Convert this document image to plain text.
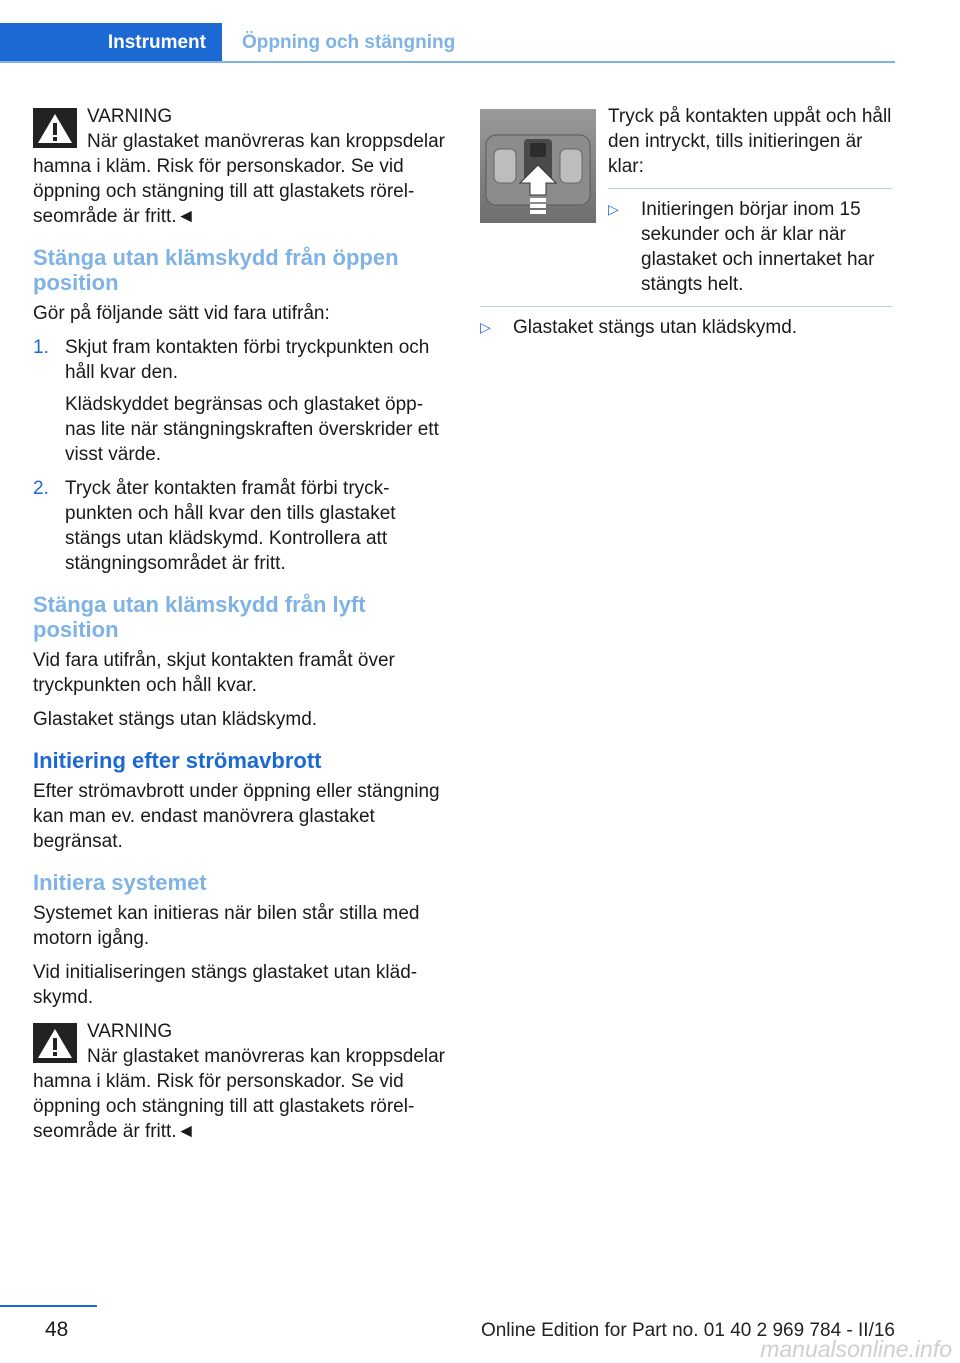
Instrument Öppning och stängning
VARNING
När glastaket manövreras kan kroppsdelar hamna i kläm. Risk för personskador. Se vid öppning och stängning till att glastakets rörelseområde är fritt.◄
Stänga utan klämskydd från öppen position

Gör på följande sätt vid fara utifrån:

1. Skjut fram kontakten förbi tryckpunkten och håll kvar den.
Klädskyddet begränsas och glastaket öppnas lite när stängningskraften överskrider ett visst värde.
2. Tryck åter kontakten framåt förbi tryckpunkten och håll kvar den tills glastaket stängs utan klädskymd. Kontrollera att stängningsområdet är fritt.
Stänga utan klämskydd från lyft position

Vid fara utifrån, skjut kontakten framåt över tryckpunkten och håll kvar.

Glastaket stängs utan klädskymd.

Initiering efter strömavbrott

Efter strömavbrott under öppning eller stängning kan man ev. endast manövrera glastaket begränsat.

Initiera systemet

Systemet kan initieras när bilen står stilla med motorn igång.

Vid initialiseringen stängs glastaket utan klädskymd.

VARNING
När glastaket manövreras kan kroppsdelar hamna i kläm. Risk för personskador. Se vid öppning och stängning till att glastakets rörelseområde är fritt.◄

Tryck på kontakten uppåt och håll den intryckt, tills initieringen är klar:

▷ Initieringen börjar inom 15 sekunder och är klar när glastaket och innertaket har stängts helt.
▷ Glastaket stängs utan klädskymd.
48	Online Edition for Part no. 01 40 2 969 784 - II/16
manualsonline.info
